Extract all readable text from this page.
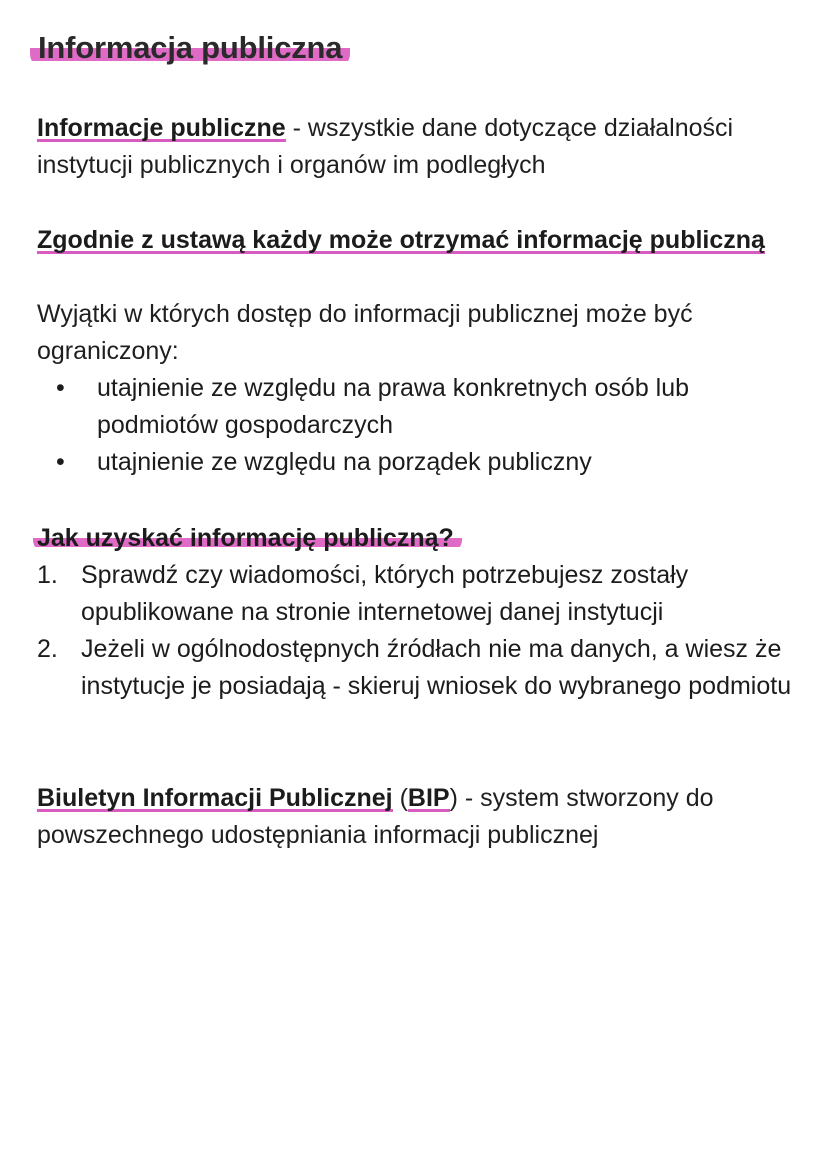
Informacja publiczna
Informacje publiczne - wszystkie dane dotyczące działalności instytucji publicznych i organów im podległych
Zgodnie z ustawą każdy może otrzymać informację publiczną
Wyjątki w których dostęp do informacji publicznej może być ograniczony:
• utajnienie ze względu na prawa konkretnych osób lub podmiotów gospodarczych
• utajnienie ze względu na porządek publiczny
Jak uzyskać informację publiczną?
1. Sprawdź czy wiadomości, których potrzebujesz zostały opublikowane na stronie internetowej danej instytucji
2. Jeżeli w ogólnodostępnych źródłach nie ma danych, a wiesz że instytucje je posiadają - skieruj wniosek do wybranego podmiotu
Biuletyn Informacji Publicznej (BIP) - system stworzony do powszechnego udostępniania informacji publicznej
